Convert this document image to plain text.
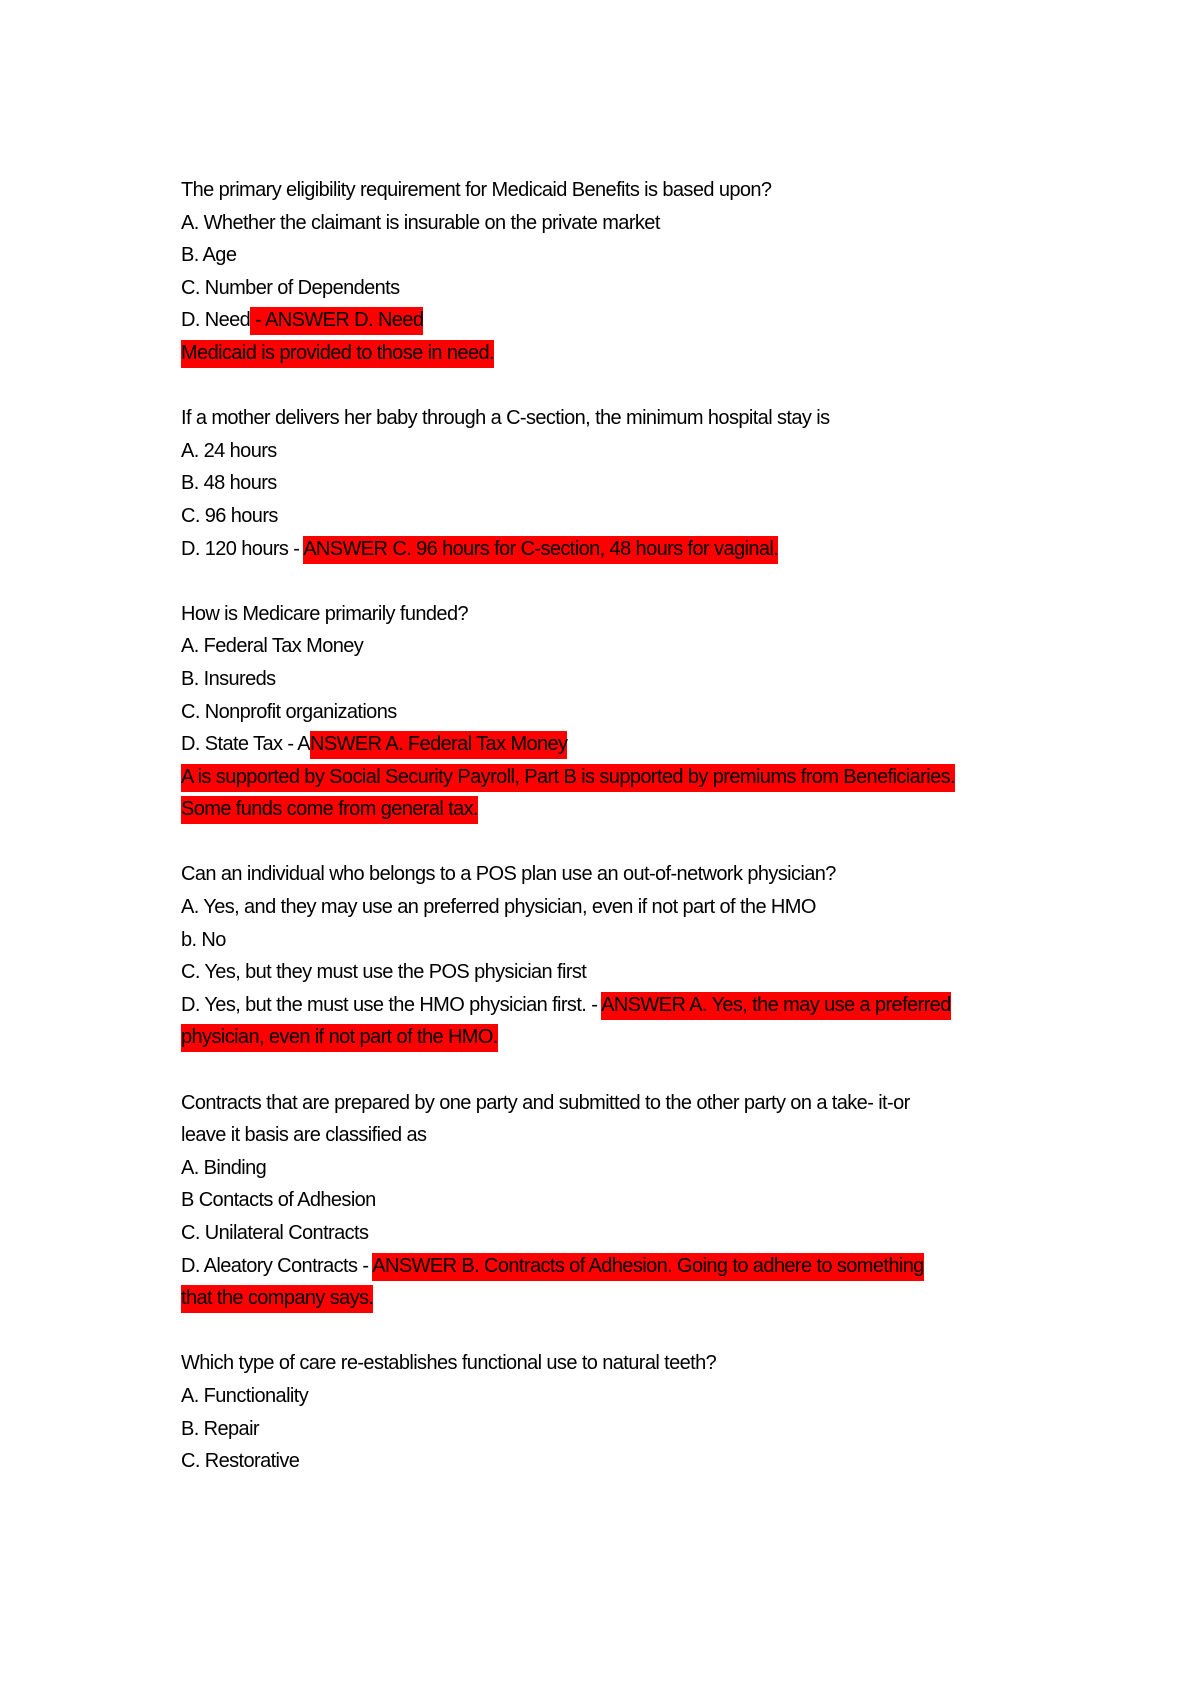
The primary eligibility requirement for Medicaid Benefits is based upon?
A. Whether the claimant is insurable on the private market
B. Age
C. Number of Dependents
D. Need - ANSWER D. Need
Medicaid is provided to those in need.
If a mother delivers her baby through a C-section, the minimum hospital stay is
A. 24 hours
B. 48 hours
C. 96 hours
D. 120 hours - ANSWER C. 96 hours for C-section, 48 hours for vaginal.
How is Medicare primarily funded?
A. Federal Tax Money
B. Insureds
C. Nonprofit organizations
D. State Tax - ANSWER A. Federal Tax Money
A is supported by Social Security Payroll, Part B is supported by premiums from Beneficiaries.
Some funds come from general tax.
Can an individual who belongs to a POS plan use an out-of-network physician?
A. Yes, and they may use an preferred physician, even if not part of the HMO
b. No
C. Yes, but they must use the POS physician first
D. Yes, but the must use the HMO physician first. - ANSWER A. Yes, the may use a preferred
physician, even if not part of the HMO.
Contracts that are prepared by one party and submitted to the other party on a take- it-or
leave it basis are classified as
A. Binding
B Contacts of Adhesion
C. Unilateral Contracts
D. Aleatory Contracts - ANSWER B. Contracts of Adhesion. Going to adhere to something
that the company says.
Which type of care re-establishes functional use to natural teeth?
A. Functionality
B. Repair
C. Restorative
